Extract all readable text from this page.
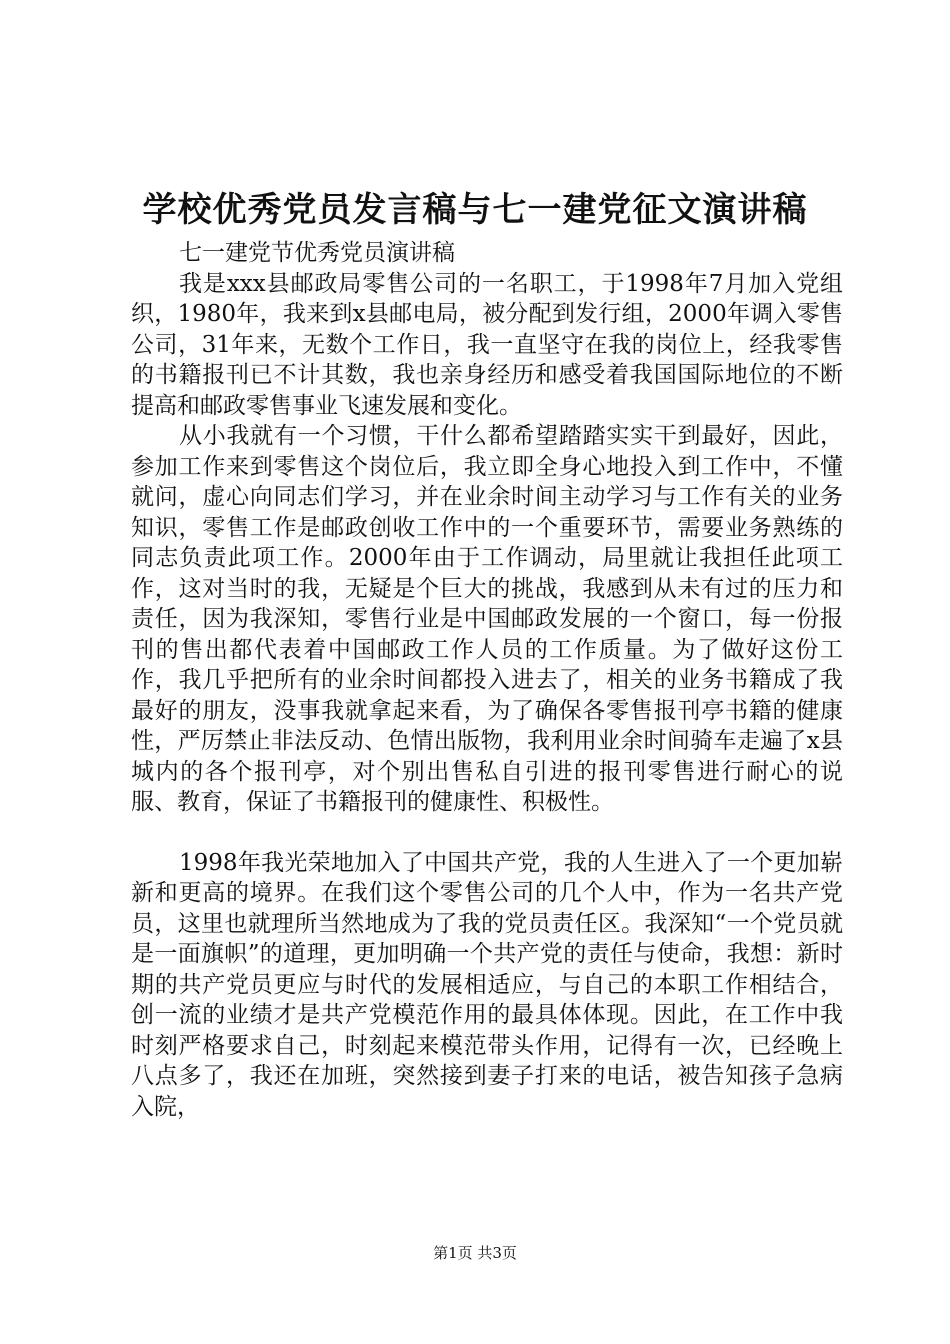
学校优秀党员发言稿与七一建党征文演讲稿

七一建党节优秀党员演讲稿

我是xxx县邮政局零售公司的一名职工，于1998年7月加入党组织，1980年，我来到x县邮电局，被分配到发行组，2000年调入零售公司，31年来，无数个工作日，我一直坚守在我的岗位上，经我零售的书籍报刊已不计其数，我也亲身经历和感受着我国国际地位的不断提高和邮政零售事业飞速发展和变化。

从小我就有一个习惯，干什么都希望踏踏实实干到最好，因此，参加工作来到零售这个岗位后，我立即全身心地投入到工作中，不懂就问，虚心向同志们学习，并在业余时间主动学习与工作有关的业务知识，零售工作是邮政创收工作中的一个重要环节，需要业务熟练的同志负责此项工作。2000年由于工作调动，局里就让我担任此项工作，这对当时的我，无疑是个巨大的挑战，我感到从未有过的压力和责任，因为我深知，零售行业是中国邮政发展的一个窗口，每一份报刊的售出都代表着中国邮政工作人员的工作质量。为了做好这份工作，我几乎把所有的业余时间都投入进去了，相关的业务书籍成了我最好的朋友，没事我就拿起来看，为了确保各零售报刊亭书籍的健康性，严厉禁止非法反动、色情出版物，我利用业余时间骑车走遍了x县城内的各个报刊亭，对个别出售私自引进的报刊零售进行耐心的说服、教育，保证了书籍报刊的健康性、积极性。

1998年我光荣地加入了中国共产党，我的人生进入了一个更加崭新和更高的境界。在我们这个零售公司的几个人中，作为一名共产党员，这里也就理所当然地成为了我的党员责任区。我深知“一个党员就是一面旗帜”的道理，更加明确一个共产党的责任与使命，我想：新时期的共产党员更应与时代的发展相适应，与自己的本职工作相结合，创一流的业绩才是共产党模范作用的最具体体现。因此，在工作中我时刻严格要求自己，时刻起来模范带头作用，记得有一次，已经晚上八点多了，我还在加班，突然接到妻子打来的电话，被告知孩子急病入院，

第1页 共3页
